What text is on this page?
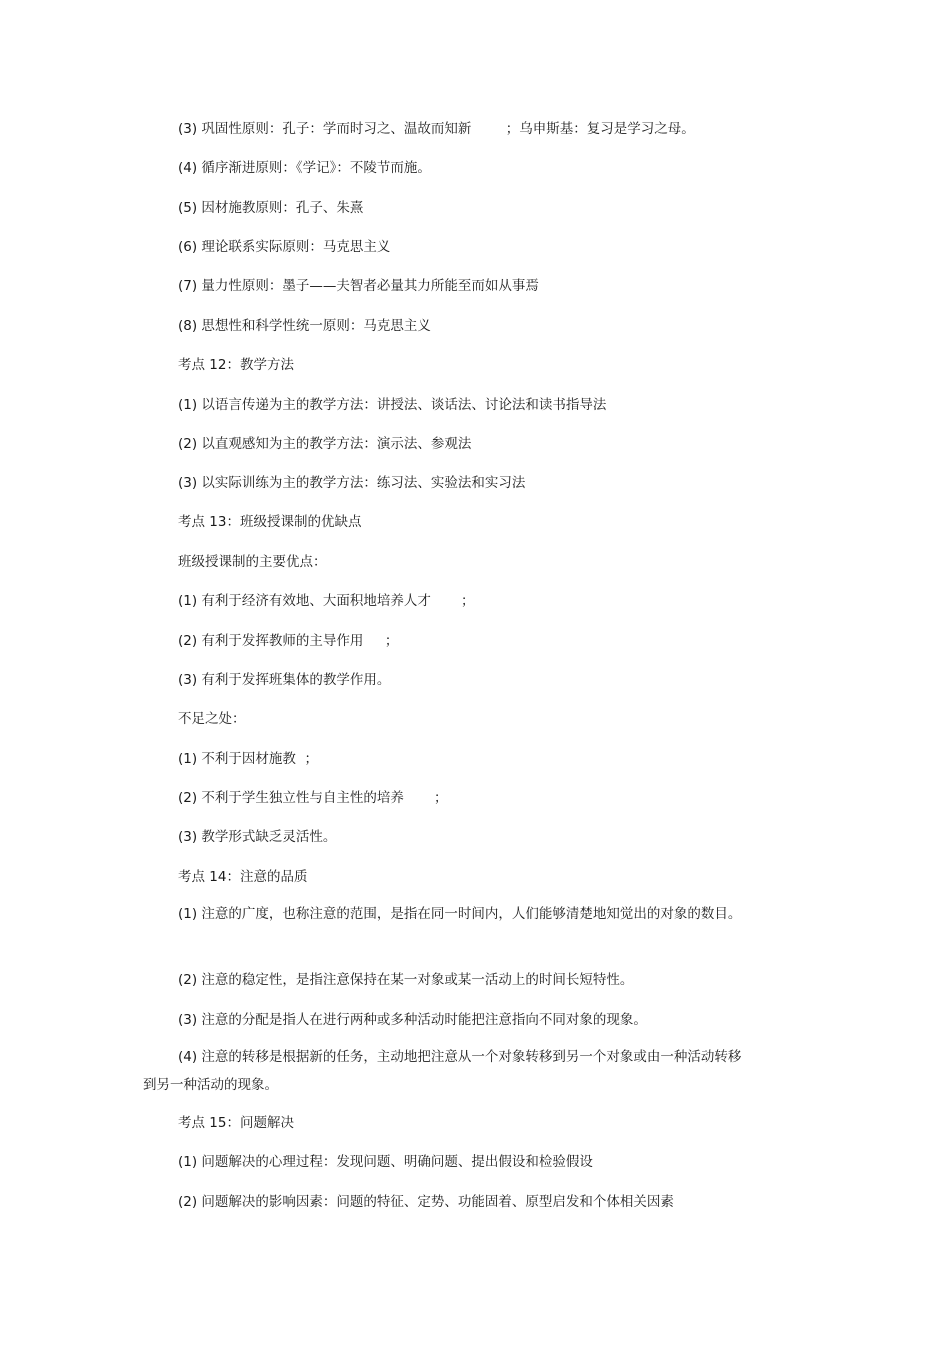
(3) 巩固性原则：孔子：学而时习之、温故而知新        ；乌申斯基：复习是学习之母。
(4) 循序渐进原则：《学记》：不陵节而施。
(5) 因材施教原则：孔子、朱熹
(6) 理论联系实际原则：马克思主义
(7) 量力性原则：墨子——夫智者必量其力所能至而如从事焉
(8) 思想性和科学性统一原则：马克思主义
考点 12：教学方法
(1) 以语言传递为主的教学方法：讲授法、谈话法、讨论法和读书指导法
(2) 以直观感知为主的教学方法：演示法、参观法
(3) 以实际训练为主的教学方法：练习法、实验法和实习法
考点 13：班级授课制的优缺点
班级授课制的主要优点：
(1) 有利于经济有效地、大面积地培养人才       ；
(2) 有利于发挥教师的主导作用     ；
(3) 有利于发挥班集体的教学作用。
不足之处：
(1) 不利于因材施教  ；
(2) 不利于学生独立性与自主性的培养       ；
(3) 教学形式缺乏灵活性。
考点 14：注意的品质
(1) 注意的广度，也称注意的范围，是指在同一时间内，人们能够清楚地知觉出的对象的数目。
(2) 注意的稳定性，是指注意保持在某一对象或某一活动上的时间长短特性。
(3) 注意的分配是指人在进行两种或多种活动时能把注意指向不同对象的现象。
(4) 注意的转移是根据新的任务，主动地把注意从一个对象转移到另一个对象或由一种活动转移到另一种活动的现象。
考点 15：问题解决
(1) 问题解决的心理过程：发现问题、明确问题、提出假设和检验假设
(2) 问题解决的影响因素：问题的特征、定势、功能固着、原型启发和个体相关因素
